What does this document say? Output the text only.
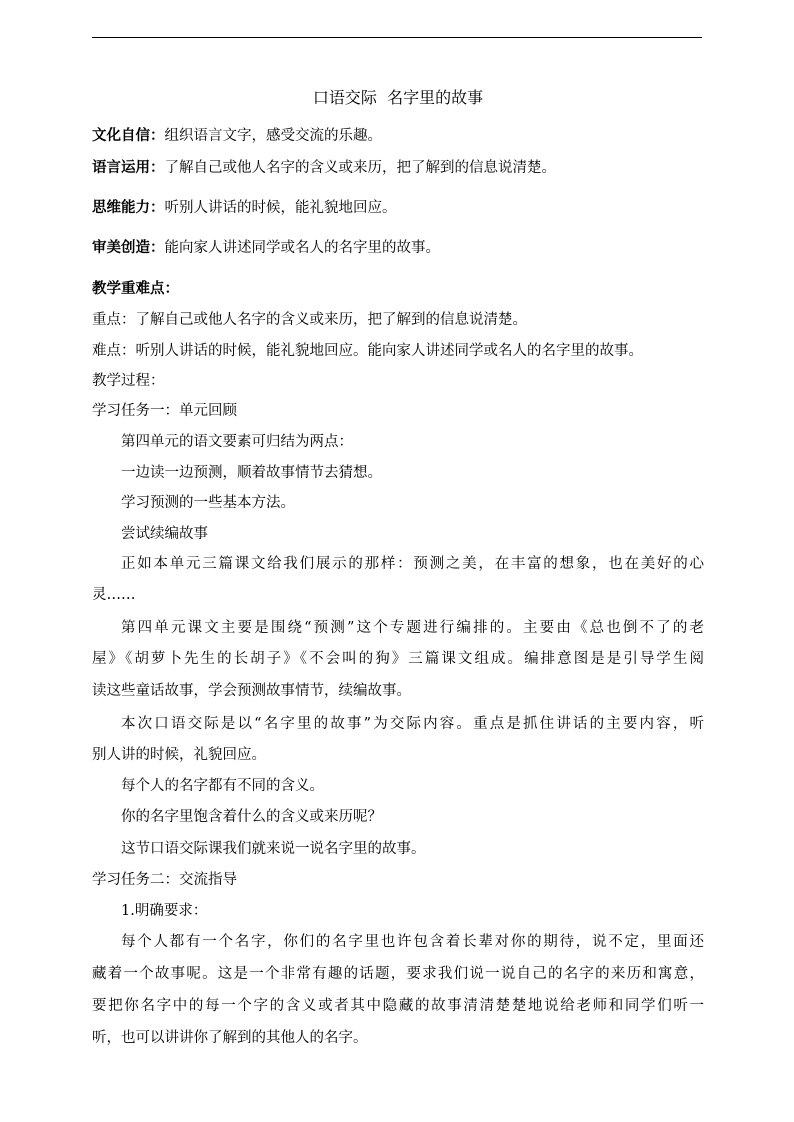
口语交际  名字里的故事
文化自信：组织语言文字，感受交流的乐趣。
语言运用：了解自己或他人名字的含义或来历，把了解到的信息说清楚。
思维能力：听别人讲话的时候，能礼貌地回应。
审美创造：能向家人讲述同学或名人的名字里的故事。
教学重难点：
重点：了解自己或他人名字的含义或来历，把了解到的信息说清楚。
难点：听别人讲话的时候，能礼貌地回应。能向家人讲述同学或名人的名字里的故事。
教学过程：
学习任务一：单元回顾
第四单元的语文要素可归结为两点：
一边读一边预测，顺着故事情节去猜想。
学习预测的一些基本方法。
尝试续编故事
正如本单元三篇课文给我们展示的那样：预测之美，在丰富的想象，也在美好的心
灵……
第四单元课文主要是围绕“预测”这个专题进行编排的。主要由《总也倒不了的老
屋》《胡萝卜先生的长胡子》《不会叫的狗》三篇课文组成。编排意图是是引导学生阅
读这些童话故事，学会预测故事情节，续编故事。
本次口语交际是以“名字里的故事”为交际内容。重点是抓住讲话的主要内容，听
别人讲的时候，礼貌回应。
每个人的名字都有不同的含义。
你的名字里饱含着什么的含义或来历呢？
这节口语交际课我们就来说一说名字里的故事。
学习任务二：交流指导
1.明确要求：
每个人都有一个名字，你们的名字里也许包含着长辈对你的期待，说不定，里面还
藏着一个故事呢。这是一个非常有趣的话题，要求我们说一说自己的名字的来历和寓意，
要把你名字中的每一个字的含义或者其中隐藏的故事清清楚楚地说给老师和同学们听一
听，也可以讲讲你了解到的其他人的名字。
